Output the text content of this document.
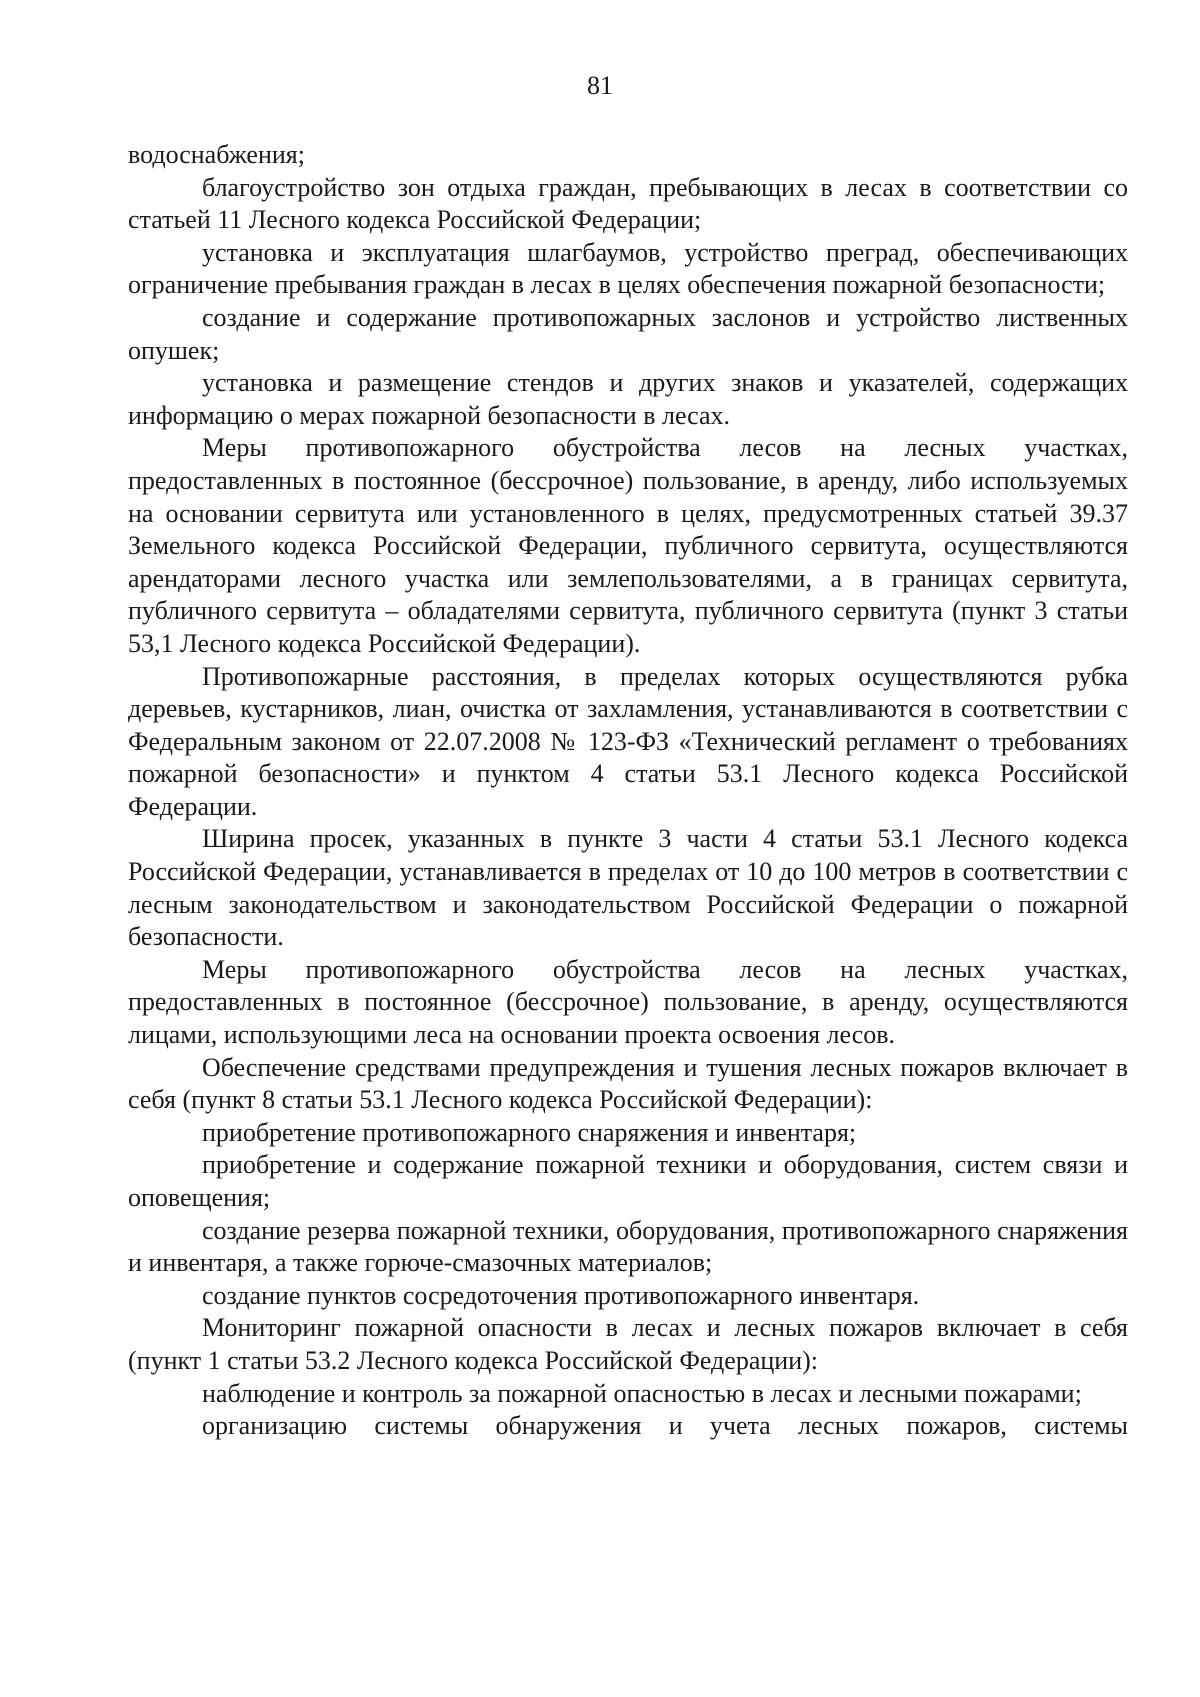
81

водоснабжения;

благоустройство зон отдыха граждан, пребывающих в лесах в соответствии со статьей 11 Лесного кодекса Российской Федерации;

установка и эксплуатация шлагбаумов, устройство преград, обеспечивающих ограничение пребывания граждан в лесах в целях обеспечения пожарной безопасности;

создание и содержание противопожарных заслонов и устройство лиственных опушек;

установка и размещение стендов и других знаков и указателей, содержащих информацию о мерах пожарной безопасности в лесах.

Меры противопожарного обустройства лесов на лесных участках, предоставленных в постоянное (бессрочное) пользование, в аренду, либо используемых на основании сервитута или установленного в целях, предусмотренных статьей 39.37 Земельного кодекса Российской Федерации, публичного сервитута, осуществляются арендаторами лесного участка или землепользователями, а в границах сервитута, публичного сервитута – обладателями сервитута, публичного сервитута (пункт 3 статьи 53,1 Лесного кодекса Российской Федерации).

Противопожарные расстояния, в пределах которых осуществляются рубка деревьев, кустарников, лиан, очистка от захламления, устанавливаются в соответствии с Федеральным законом от 22.07.2008 № 123-ФЗ «Технический регламент о требованиях пожарной безопасности» и пунктом 4 статьи 53.1 Лесного кодекса Российской Федерации.

Ширина просек, указанных в пункте 3 части 4 статьи 53.1 Лесного кодекса Российской Федерации, устанавливается в пределах от 10 до 100 метров в соответствии с лесным законодательством и законодательством Российской Федерации о пожарной безопасности.

Меры противопожарного обустройства лесов на лесных участках, предоставленных в постоянное (бессрочное) пользование, в аренду, осуществляются лицами, использующими леса на основании проекта освоения лесов.

Обеспечение средствами предупреждения и тушения лесных пожаров включает в себя (пункт 8 статьи 53.1 Лесного кодекса Российской Федерации):

приобретение противопожарного снаряжения и инвентаря;

приобретение и содержание пожарной техники и оборудования, систем связи и оповещения;

создание резерва пожарной техники, оборудования, противопожарного снаряжения и инвентаря, а также горюче-смазочных материалов;

создание пунктов сосредоточения противопожарного инвентаря.

Мониторинг пожарной опасности в лесах и лесных пожаров включает в себя (пункт 1 статьи 53.2 Лесного кодекса Российской Федерации):

наблюдение и контроль за пожарной опасностью в лесах и лесными пожарами;

организацию системы обнаружения и учета лесных пожаров, системы
